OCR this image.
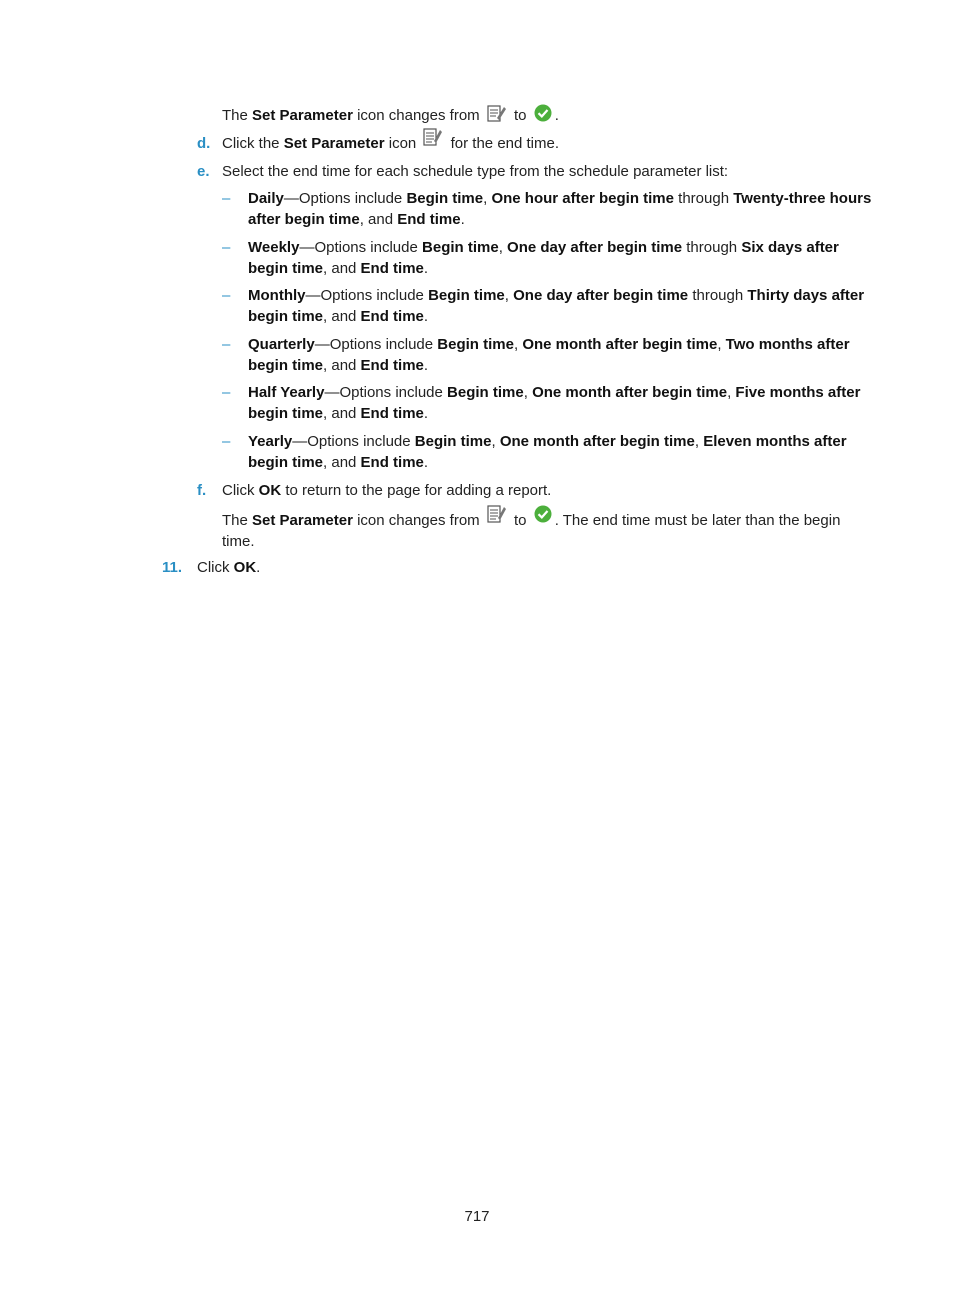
The Set Parameter icon changes from  to .
d. Click the Set Parameter icon  for the end time.
e. Select the end time for each schedule type from the schedule parameter list:
– Daily—Options include Begin time, One hour after begin time through Twenty-three hours
after begin time, and End time.
– Weekly—Options include Begin time, One day after begin time through Six days after
begin time, and End time.
– Monthly—Options include Begin time, One day after begin time through Thirty days after
begin time, and End time.
– Quarterly—Options include Begin time, One month after begin time, Two months after
begin time, and End time.
– Half Yearly—Options include Begin time, One month after begin time, Five months after
begin time, and End time.
– Yearly—Options include Begin time, One month after begin time, Eleven months after
begin time, and End time.
f. Click OK to return to the page for adding a report.
The Set Parameter icon changes from  to . The end time must be later than the begin
time.
11. Click OK.
717
